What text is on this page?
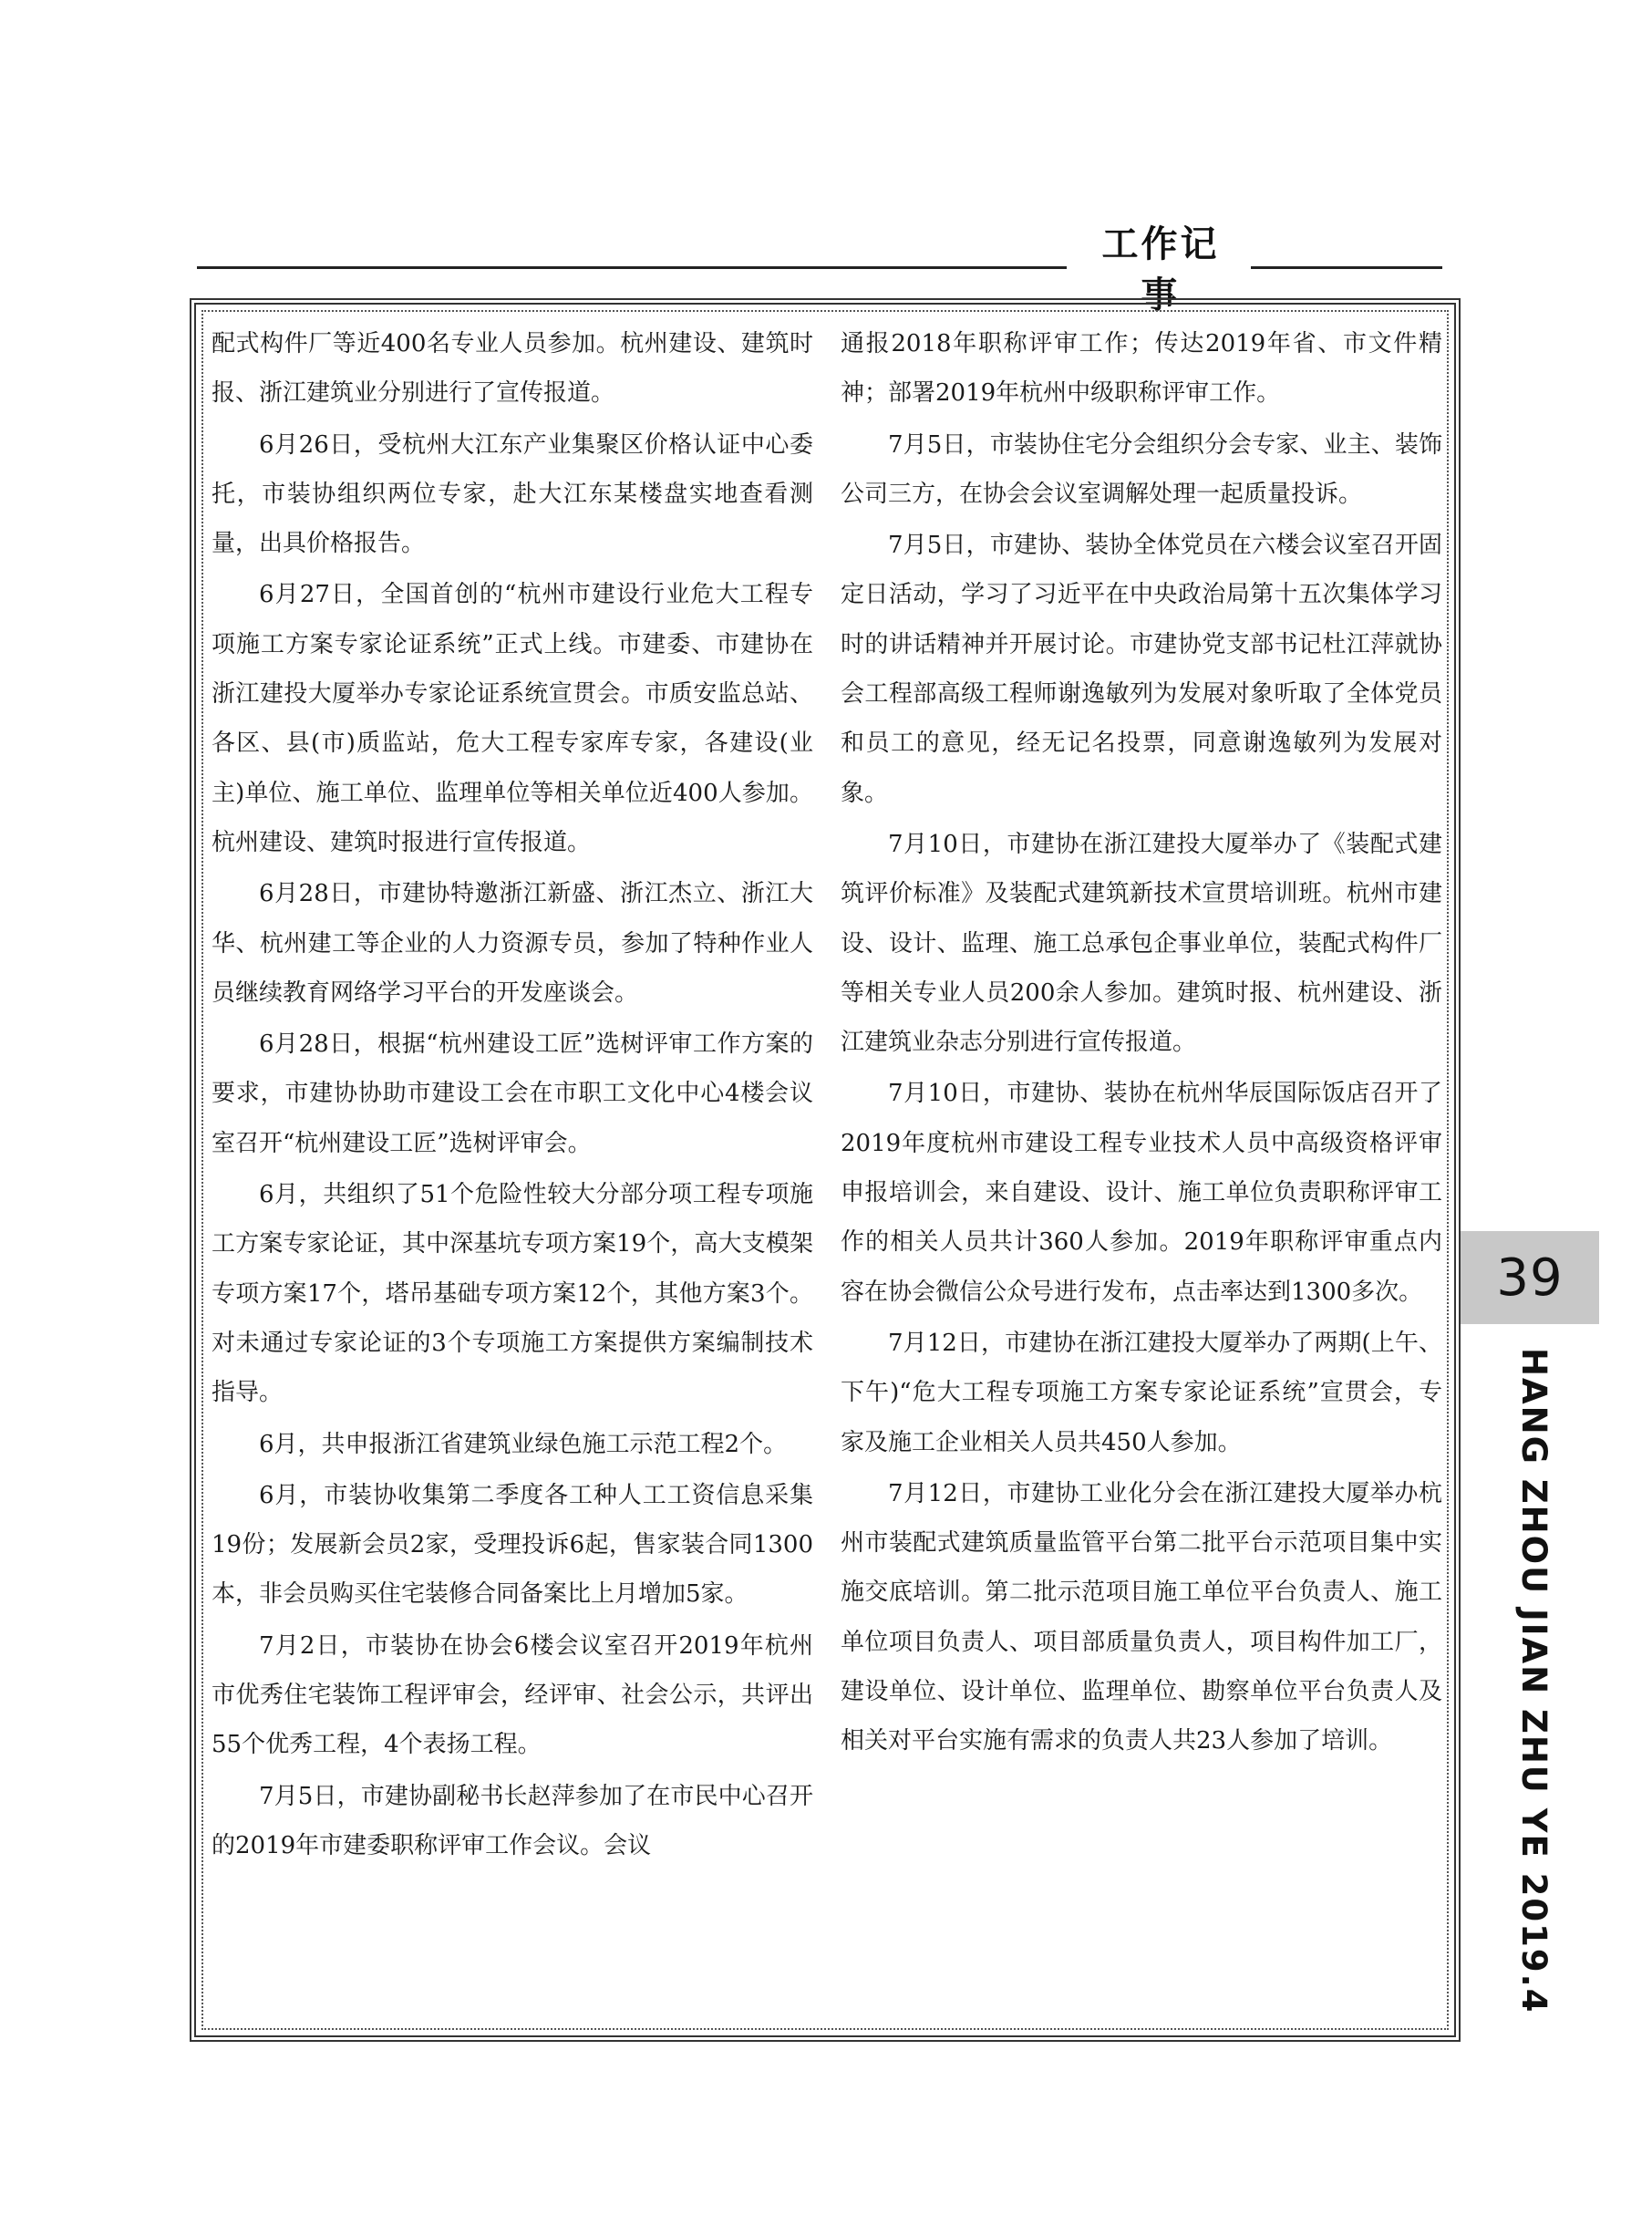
工作记事

配式构件厂等近400名专业人员参加。杭州建设、建筑时报、浙江建筑业分别进行了宣传报道。

6月26日，受杭州大江东产业集聚区价格认证中心委托，市装协组织两位专家，赴大江东某楼盘实地查看测量，出具价格报告。

6月27日，全国首创的“杭州市建设行业危大工程专项施工方案专家论证系统”正式上线。市建委、市建协在浙江建投大厦举办专家论证系统宣贯会。市质安监总站、各区、县(市)质监站，危大工程专家库专家，各建设(业主)单位、施工单位、监理单位等相关单位近400人参加。杭州建设、建筑时报进行宣传报道。

6月28日，市建协特邀浙江新盛、浙江杰立、浙江大华、杭州建工等企业的人力资源专员，参加了特种作业人员继续教育网络学习平台的开发座谈会。

6月28日，根据“杭州建设工匠”选树评审工作方案的要求，市建协协助市建设工会在市职工文化中心4楼会议室召开“杭州建设工匠”选树评审会。

6月，共组织了51个危险性较大分部分项工程专项施工方案专家论证，其中深基坑专项方案19个，高大支模架专项方案17个，塔吊基础专项方案12个，其他方案3个。对未通过专家论证的3个专项施工方案提供方案编制技术指导。

6月，共申报浙江省建筑业绿色施工示范工程2个。

6月，市装协收集第二季度各工种人工工资信息采集19份；发展新会员2家，受理投诉6起，售家装合同1300本，非会员购买住宅装修合同备案比上月增加5家。

7月2日，市装协在协会6楼会议室召开2019年杭州市优秀住宅装饰工程评审会，经评审、社会公示，共评出55个优秀工程，4个表扬工程。

7月5日，市建协副秘书长赵萍参加了在市民中心召开的2019年市建委职称评审工作会议。会议

通报2018年职称评审工作；传达2019年省、市文件精神；部署2019年杭州中级职称评审工作。

7月5日，市装协住宅分会组织分会专家、业主、装饰公司三方，在协会会议室调解处理一起质量投诉。

7月5日，市建协、装协全体党员在六楼会议室召开固定日活动，学习了习近平在中央政治局第十五次集体学习时的讲话精神并开展讨论。市建协党支部书记杜江萍就协会工程部高级工程师谢逸敏列为发展对象听取了全体党员和员工的意见，经无记名投票，同意谢逸敏列为发展对象。

7月10日，市建协在浙江建投大厦举办了《装配式建筑评价标准》及装配式建筑新技术宣贯培训班。杭州市建设、设计、监理、施工总承包企事业单位，装配式构件厂等相关专业人员200余人参加。建筑时报、杭州建设、浙江建筑业杂志分别进行宣传报道。

7月10日，市建协、装协在杭州华辰国际饭店召开了2019年度杭州市建设工程专业技术人员中高级资格评审申报培训会，来自建设、设计、施工单位负责职称评审工作的相关人员共计360人参加。2019年职称评审重点内容在协会微信公众号进行发布，点击率达到1300多次。

7月12日，市建协在浙江建投大厦举办了两期(上午、下午)“危大工程专项施工方案专家论证系统”宣贯会，专家及施工企业相关人员共450人参加。

7月12日，市建协工业化分会在浙江建投大厦举办杭州市装配式建筑质量监管平台第二批平台示范项目集中实施交底培训。第二批示范项目施工单位平台负责人、施工单位项目负责人、项目部质量负责人，项目构件加工厂，建设单位、设计单位、监理单位、勘察单位平台负责人及相关对平台实施有需求的负责人共23人参加了培训。

39
HANG ZHOU JIAN ZHU YE 2019.4
